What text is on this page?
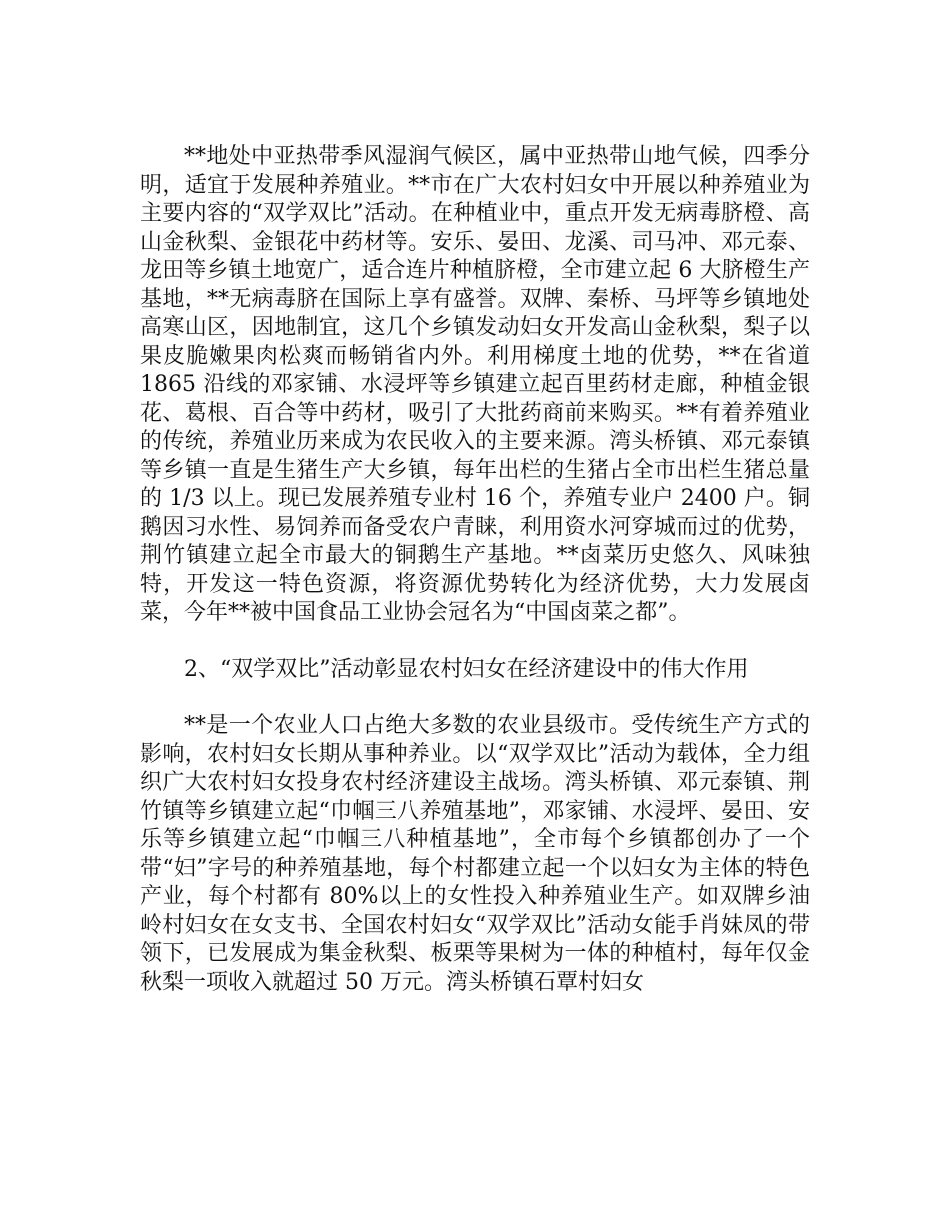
**地处中亚热带季风湿润气候区，属中亚热带山地气候，四季分明，适宜于发展种养殖业。**市在广大农村妇女中开展以种养殖业为主要内容的“双学双比”活动。在种植业中，重点开发无病毒脐橙、高山金秋梨、金银花中药材等。安乐、晏田、龙溪、司马冲、邓元泰、龙田等乡镇土地宽广，适合连片种植脐橙，全市建立起 6 大脐橙生产基地，**无病毒脐在国际上享有盛誉。双牌、秦桥、马坪等乡镇地处高寒山区，因地制宜，这几个乡镇发动妇女开发高山金秋梨，梨子以果皮脆嫩果肉松爽而畅销省内外。利用梯度土地的优势，**在省道 1865 沿线的邓家铺、水浸坪等乡镇建立起百里药材走廊，种植金银花、葛根、百合等中药材，吸引了大批药商前来购买。**有着养殖业的传统，养殖业历来成为农民收入的主要来源。湾头桥镇、邓元泰镇等乡镇一直是生猪生产大乡镇，每年出栏的生猪占全市出栏生猪总量的 1/3 以上。现已发展养殖专业村 16 个，养殖专业户 2400 户。铜鹅因习水性、易饲养而备受农户青睐，利用资水河穿城而过的优势，荆竹镇建立起全市最大的铜鹅生产基地。**卤菜历史悠久、风味独特，开发这一特色资源，将资源优势转化为经济优势，大力发展卤菜，今年**被中国食品工业协会冠名为“中国卤菜之都”。

2、“双学双比”活动彰显农村妇女在经济建设中的伟大作用

**是一个农业人口占绝大多数的农业县级市。受传统生产方式的影响，农村妇女长期从事种养业。以“双学双比”活动为载体，全力组织广大农村妇女投身农村经济建设主战场。湾头桥镇、邓元泰镇、荆竹镇等乡镇建立起“巾帼三八养殖基地”，邓家铺、水浸坪、晏田、安乐等乡镇建立起“巾帼三八种植基地”，全市每个乡镇都创办了一个带“妇”字号的种养殖基地，每个村都建立起一个以妇女为主体的特色产业，每个村都有 80%以上的女性投入种养殖业生产。如双牌乡油岭村妇女在女支书、全国农村妇女“双学双比”活动女能手肖妹凤的带领下，已发展成为集金秋梨、板栗等果树为一体的种植村，每年仅金秋梨一项收入就超过 50 万元。湾头桥镇石覃村妇女
